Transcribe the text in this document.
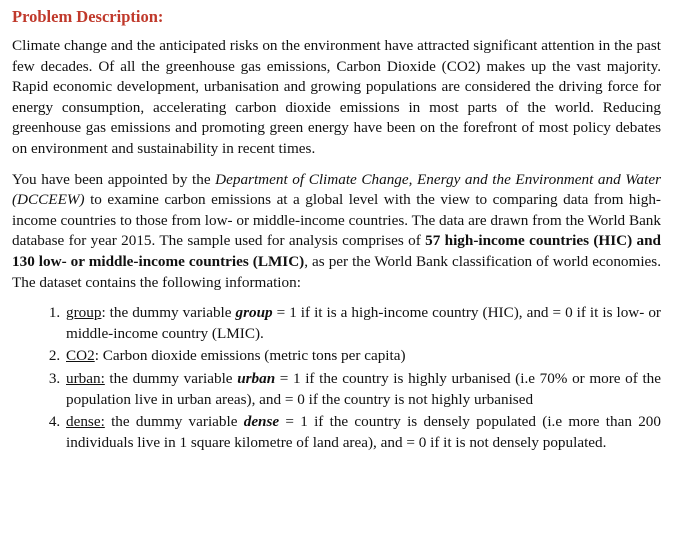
Problem Description:

Climate change and the anticipated risks on the environment have attracted significant attention in the past few decades. Of all the greenhouse gas emissions, Carbon Dioxide (CO2) makes up the vast majority. Rapid economic development, urbanisation and growing populations are considered the driving force for energy consumption, accelerating carbon dioxide emissions in most parts of the world. Reducing greenhouse gas emissions and promoting green energy have been on the forefront of most policy debates on environment and sustainability in recent times.

You have been appointed by the Department of Climate Change, Energy and the Environment and Water (DCCEEW) to examine carbon emissions at a global level with the view to comparing data from high-income countries to those from low- or middle-income countries. The data are drawn from the World Bank database for year 2015. The sample used for analysis comprises of 57 high-income countries (HIC) and 130 low- or middle-income countries (LMIC), as per the World Bank classification of world economies. The dataset contains the following information:

1. group: the dummy variable group = 1 if it is a high-income country (HIC), and = 0 if it is low- or middle-income country (LMIC).
2. CO2: Carbon dioxide emissions (metric tons per capita)
3. urban: the dummy variable urban = 1 if the country is highly urbanised (i.e 70% or more of the population live in urban areas), and = 0 if the country is not highly urbanised
4. dense: the dummy variable dense = 1 if the country is densely populated (i.e more than 200 individuals live in 1 square kilometre of land area), and = 0 if it is not densely populated.
